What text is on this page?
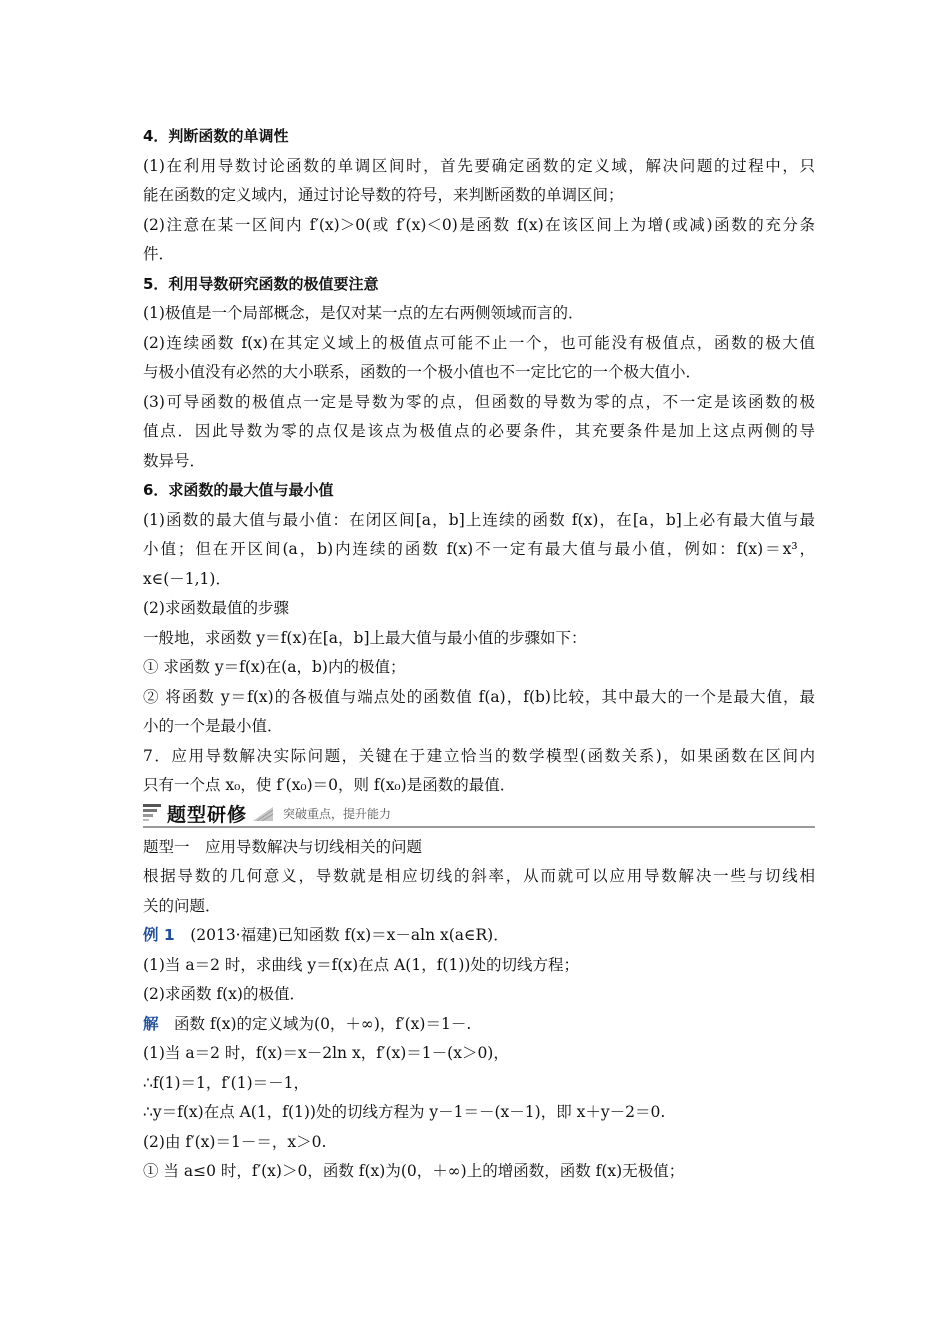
4．判断函数的单调性
(1)在利用导数讨论函数的单调区间时，首先要确定函数的定义域，解决问题的过程中，只
能在函数的定义域内，通过讨论导数的符号，来判断函数的单调区间；
(2)注意在某一区间内 f′(x)＞0(或 f′(x)＜0)是函数 f(x)在该区间上为增(或减)函数的充分条
件．
5．利用导数研究函数的极值要注意
(1)极值是一个局部概念，是仅对某一点的左右两侧领域而言的．
(2)连续函数 f(x)在其定义域上的极值点可能不止一个，也可能没有极值点，函数的极大值
与极小值没有必然的大小联系，函数的一个极小值也不一定比它的一个极大值小．
(3)可导函数的极值点一定是导数为零的点，但函数的导数为零的点，不一定是该函数的极
值点．因此导数为零的点仅是该点为极值点的必要条件，其充要条件是加上这点两侧的导
数异号．
6．求函数的最大值与最小值
(1)函数的最大值与最小值：在闭区间[a，b]上连续的函数 f(x)，在[a，b]上必有最大值与最
小值；但在开区间(a，b)内连续的函数 f(x)不一定有最大值与最小值，例如：f(x)＝x³，
x∈(－1,1)．
(2)求函数最值的步骤
一般地，求函数 y＝f(x)在[a，b]上最大值与最小值的步骤如下：
① 求函数 y＝f(x)在(a，b)内的极值；
② 将函数 y＝f(x)的各极值与端点处的函数值 f(a)，f(b)比较，其中最大的一个是最大值，最
小的一个是最小值．
7．应用导数解决实际问题，关键在于建立恰当的数学模型(函数关系)，如果函数在区间内
只有一个点 x₀，使 f′(x₀)＝0，则 f(x₀)是函数的最值．
题型研修	突破重点，提升能力
题型一　应用导数解决与切线相关的问题
根据导数的几何意义，导数就是相应切线的斜率，从而就可以应用导数解决一些与切线相
关的问题．
例 1　(2013·福建)已知函数 f(x)＝x－aln x(a∈R)．
(1)当 a＝2 时，求曲线 y＝f(x)在点 A(1，f(1))处的切线方程；
(2)求函数 f(x)的极值．
解　函数 f(x)的定义域为(0，＋∞)，f′(x)＝1－.
(1)当 a＝2 时，f(x)＝x－2ln x，f′(x)＝1－(x＞0)，
∴f(1)＝1，f′(1)＝－1，
∴y＝f(x)在点 A(1，f(1))处的切线方程为 y－1＝－(x－1)，即 x＋y－2＝0.
(2)由 f′(x)＝1－＝，x＞0.
① 当 a≤0 时，f′(x)＞0，函数 f(x)为(0，＋∞)上的增函数，函数 f(x)无极值；
